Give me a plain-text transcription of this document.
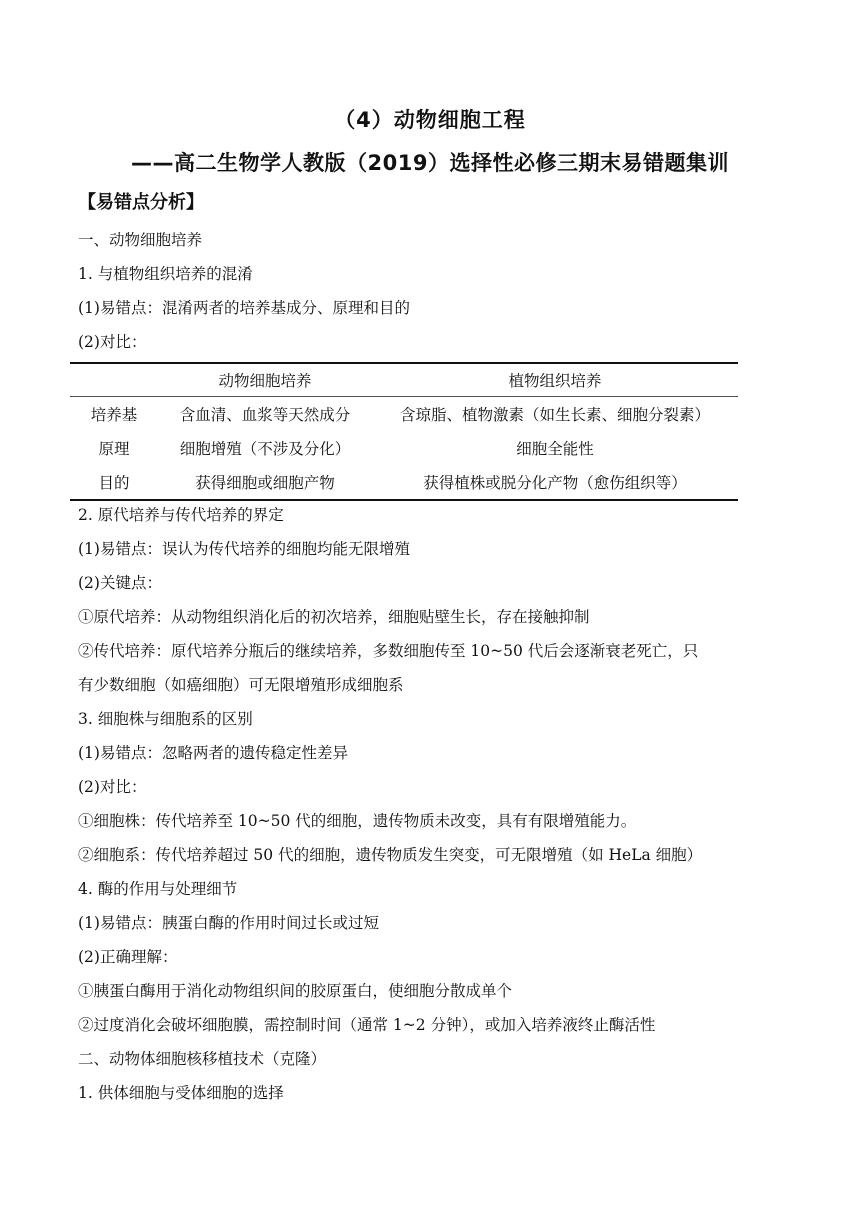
（4）动物细胞工程
——高二生物学人教版（2019）选择性必修三期末易错题集训
【易错点分析】
一、动物细胞培养
1. 与植物组织培养的混淆
(1)易错点：混淆两者的培养基成分、原理和目的
(2)对比：
	动物细胞培养	植物组织培养
培养基	含血清、血浆等天然成分	含琼脂、植物激素（如生长素、细胞分裂素）
原理	细胞增殖（不涉及分化）	细胞全能性
目的	获得细胞或细胞产物	获得植株或脱分化产物（愈伤组织等）
2. 原代培养与传代培养的界定
(1)易错点：误认为传代培养的细胞均能无限增殖
(2)关键点：
①原代培养：从动物组织消化后的初次培养，细胞贴壁生长，存在接触抑制
②传代培养：原代培养分瓶后的继续培养，多数细胞传至 10~50 代后会逐渐衰老死亡，只
有少数细胞（如癌细胞）可无限增殖形成细胞系
3. 细胞株与细胞系的区别
(1)易错点：忽略两者的遗传稳定性差异
(2)对比：
①细胞株：传代培养至 10~50 代的细胞，遗传物质未改变，具有有限增殖能力。
②细胞系：传代培养超过 50 代的细胞，遗传物质发生突变，可无限增殖（如 HeLa 细胞）
4. 酶的作用与处理细节
(1)易错点：胰蛋白酶的作用时间过长或过短
(2)正确理解：
①胰蛋白酶用于消化动物组织间的胶原蛋白，使细胞分散成单个
②过度消化会破坏细胞膜，需控制时间（通常 1~2 分钟），或加入培养液终止酶活性
二、动物体细胞核移植技术（克隆）
1. 供体细胞与受体细胞的选择
